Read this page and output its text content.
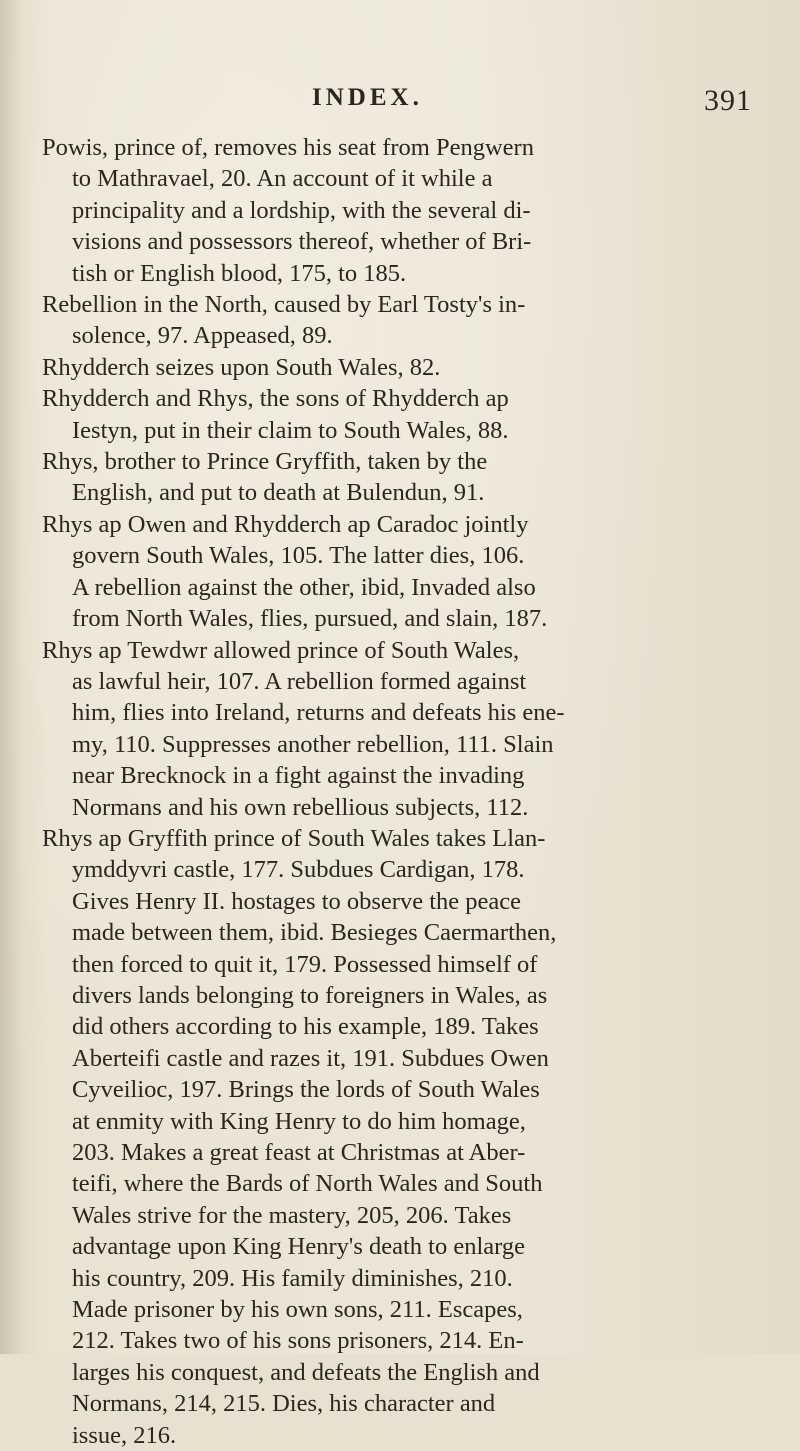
INDEX.	391

Powis, prince of, removes his seat from Pengwern
to Mathravael, 20. An account of it while a
principality and a lordship, with the several di-
visions and possessors thereof, whether of Bri-
tish or English blood, 175, to 185.

Rebellion in the North, caused by Earl Tosty's in-
solence, 97. Appeased, 89.

Rhydderch seizes upon South Wales, 82.

Rhydderch and Rhys, the sons of Rhydderch ap
Iestyn, put in their claim to South Wales, 88.

Rhys, brother to Prince Gryffith, taken by the
English, and put to death at Bulendun, 91.

Rhys ap Owen and Rhydderch ap Caradoc jointly
govern South Wales, 105. The latter dies, 106.
A rebellion against the other, ibid, Invaded also
from North Wales, flies, pursued, and slain, 187.

Rhys ap Tewdwr allowed prince of South Wales,
as lawful heir, 107. A rebellion formed against
him, flies into Ireland, returns and defeats his ene-
my, 110. Suppresses another rebellion, 111. Slain
near Brecknock in a fight against the invading
Normans and his own rebellious subjects, 112.

Rhys ap Gryffith prince of South Wales takes Llan-
ymddyvri castle, 177. Subdues Cardigan, 178.
Gives Henry II. hostages to observe the peace
made between them, ibid. Besieges Caermarthen,
then forced to quit it, 179. Possessed himself of
divers lands belonging to foreigners in Wales, as
did others according to his example, 189. Takes
Aberteifi castle and razes it, 191. Subdues Owen
Cyveilioc, 197. Brings the lords of South Wales
at enmity with King Henry to do him homage,
203. Makes a great feast at Christmas at Aber-
teifi, where the Bards of North Wales and South
Wales strive for the mastery, 205, 206. Takes
advantage upon King Henry's death to enlarge
his country, 209. His family diminishes, 210.
Made prisoner by his own sons, 211. Escapes,
212. Takes two of his sons prisoners, 214. En-
larges his conquest, and defeats the English and
Normans, 214, 215. Dies, his character and
issue, 216.
